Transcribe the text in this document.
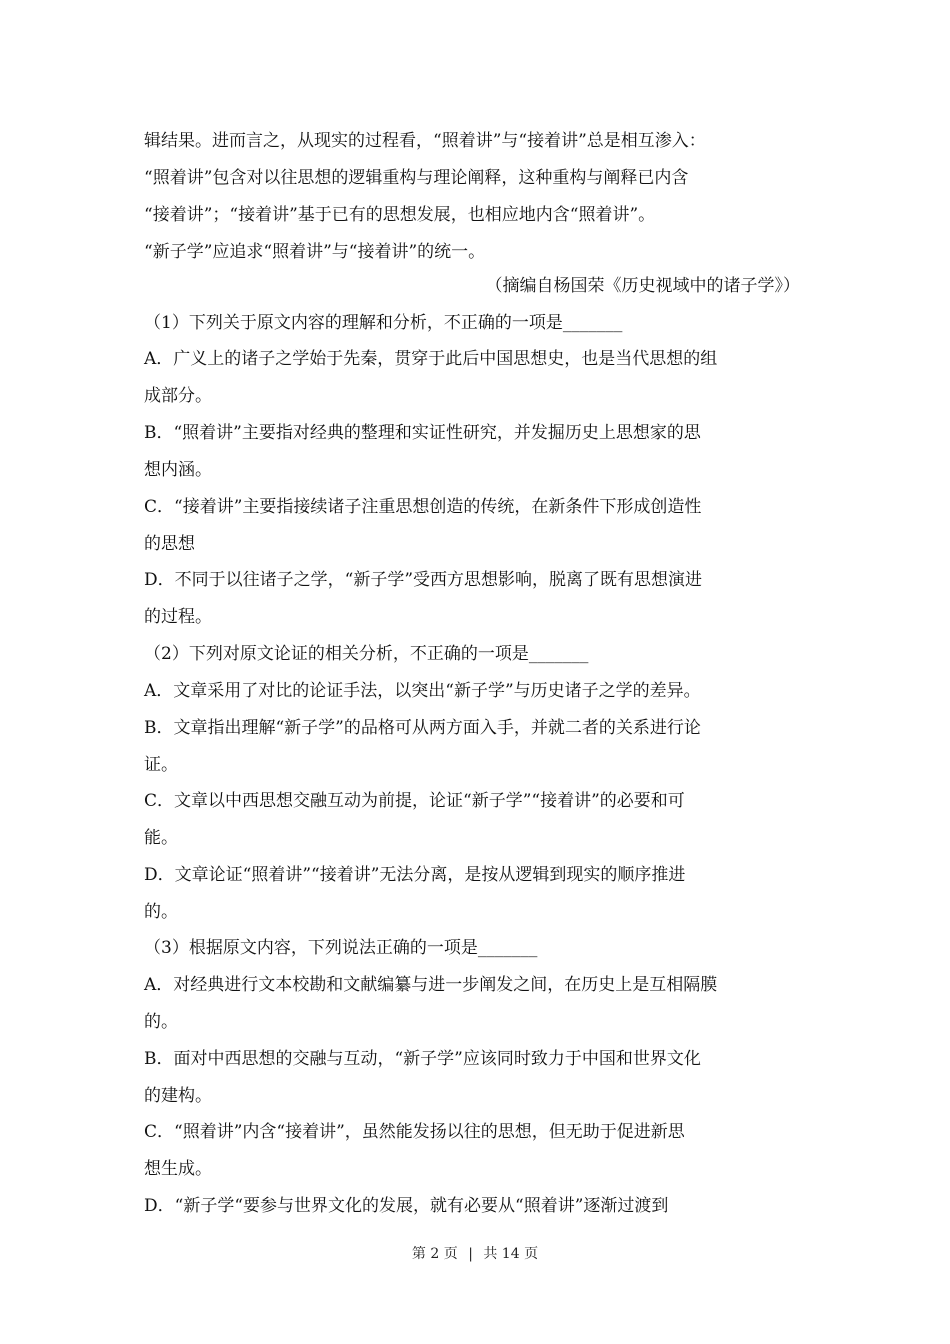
辑结果。进而言之，从现实的过程看，“照着讲”与“接着讲”总是相互渗入：
“照着讲”包含对以往思想的逻辑重构与理论阐释，这种重构与阐释已内含
“接着讲”；“接着讲”基于已有的思想发展，也相应地内含“照着讲”。
“新子学”应追求“照着讲”与“接着讲”的统一。
（摘编自杨国荣《历史视域中的诸子学》）
（1）下列关于原文内容的理解和分析，不正确的一项是_______
A．广义上的诸子之学始于先秦，贯穿于此后中国思想史，也是当代思想的组
成部分。
B．“照着讲”主要指对经典的整理和实证性研究，并发掘历史上思想家的思
想内涵。
C．“接着讲”主要指接续诸子注重思想创造的传统，在新条件下形成创造性
的思想
D．不同于以往诸子之学，“新子学”受西方思想影响，脱离了既有思想演进
的过程。
（2）下列对原文论证的相关分析，不正确的一项是_______
A．文章采用了对比的论证手法，以突出“新子学”与历史诸子之学的差异。
B．文章指出理解“新子学”的品格可从两方面入手，并就二者的关系进行论
证。
C．文章以中西思想交融互动为前提，论证“新子学”“接着讲”的必要和可
能。
D．文章论证“照着讲”“接着讲”无法分离，是按从逻辑到现实的顺序推进
的。
（3）根据原文内容，下列说法正确的一项是_______
A．对经典进行文本校勘和文献编纂与进一步阐发之间，在历史上是互相隔膜
的。
B．面对中西思想的交融与互动，“新子学”应该同时致力于中国和世界文化
的建构。
C．“照着讲”内含“接着讲”，虽然能发扬以往的思想，但无助于促进新思
想生成。
D．“新子学“要参与世界文化的发展，就有必要从“照着讲”逐渐过渡到
第 2 页 | 共 14 页
